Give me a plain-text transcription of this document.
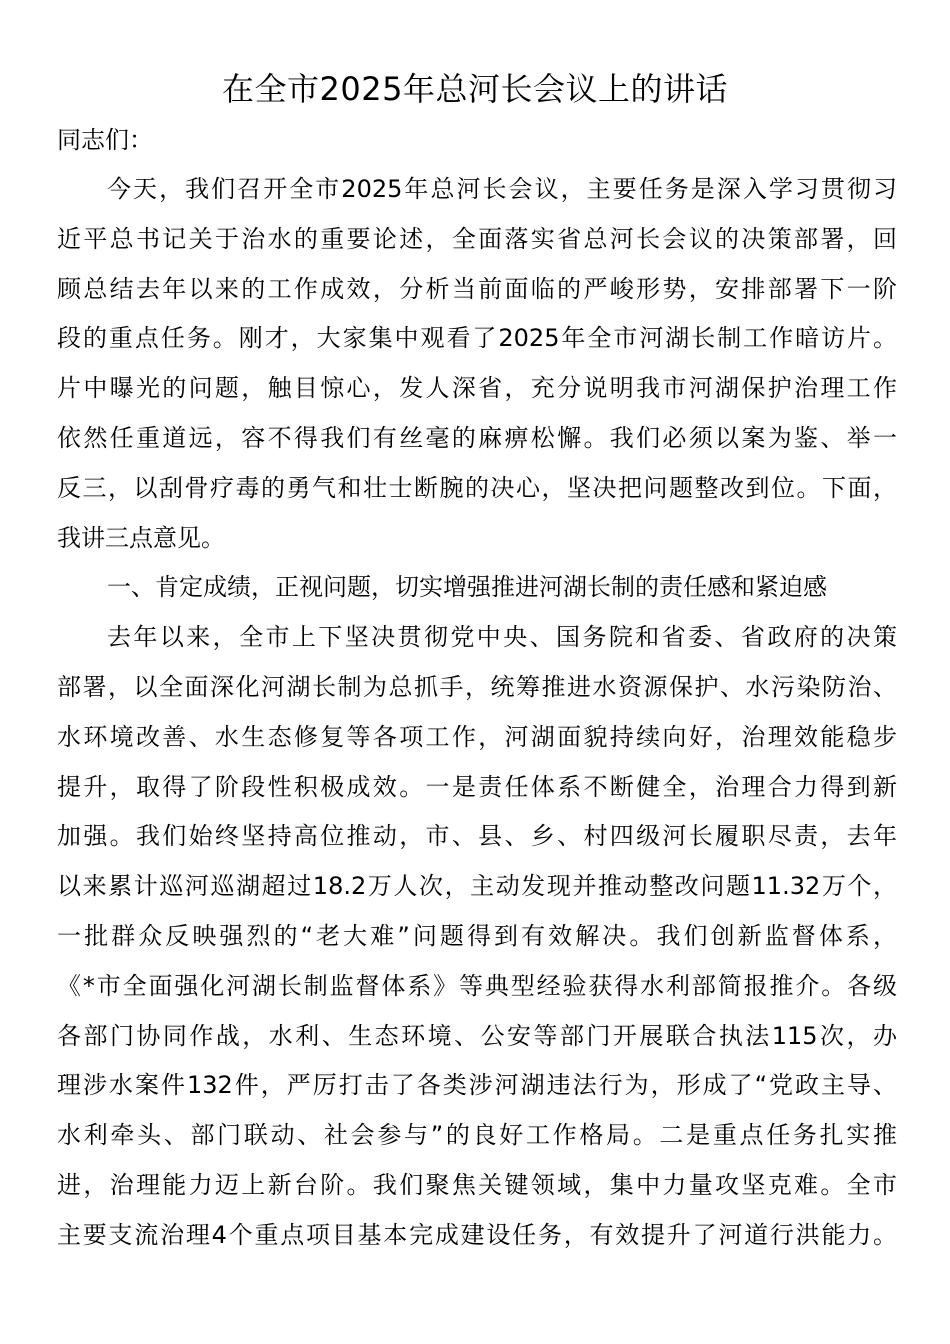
在全市2025年总河长会议上的讲话

同志们：

今天，我们召开全市2025年总河长会议，主要任务是深入学习贯彻习
近平总书记关于治水的重要论述，全面落实省总河长会议的决策部署，回
顾总结去年以来的工作成效，分析当前面临的严峻形势，安排部署下一阶
段的重点任务。刚才，大家集中观看了2025年全市河湖长制工作暗访片。
片中曝光的问题，触目惊心，发人深省，充分说明我市河湖保护治理工作
依然任重道远，容不得我们有丝毫的麻痹松懈。我们必须以案为鉴、举一
反三，以刮骨疗毒的勇气和壮士断腕的决心，坚决把问题整改到位。下面，
我讲三点意见。
一、肯定成绩，正视问题，切实增强推进河湖长制的责任感和紧迫感
去年以来，全市上下坚决贯彻党中央、国务院和省委、省政府的决策
部署，以全面深化河湖长制为总抓手，统筹推进水资源保护、水污染防治、
水环境改善、水生态修复等各项工作，河湖面貌持续向好，治理效能稳步
提升，取得了阶段性积极成效。一是责任体系不断健全，治理合力得到新
加强。我们始终坚持高位推动，市、县、乡、村四级河长履职尽责，去年
以来累计巡河巡湖超过18.2万人次，主动发现并推动整改问题11.32万个，
一批群众反映强烈的“老大难”问题得到有效解决。我们创新监督体系，
《*市全面强化河湖长制监督体系》等典型经验获得水利部简报推介。各级
各部门协同作战，水利、生态环境、公安等部门开展联合执法115次，办
理涉水案件132件，严厉打击了各类涉河湖违法行为，形成了“党政主导、
水利牵头、部门联动、社会参与”的良好工作格局。二是重点任务扎实推
进，治理能力迈上新台阶。我们聚焦关键领域，集中力量攻坚克难。全市
主要支流治理4个重点项目基本完成建设任务，有效提升了河道行洪能力。
